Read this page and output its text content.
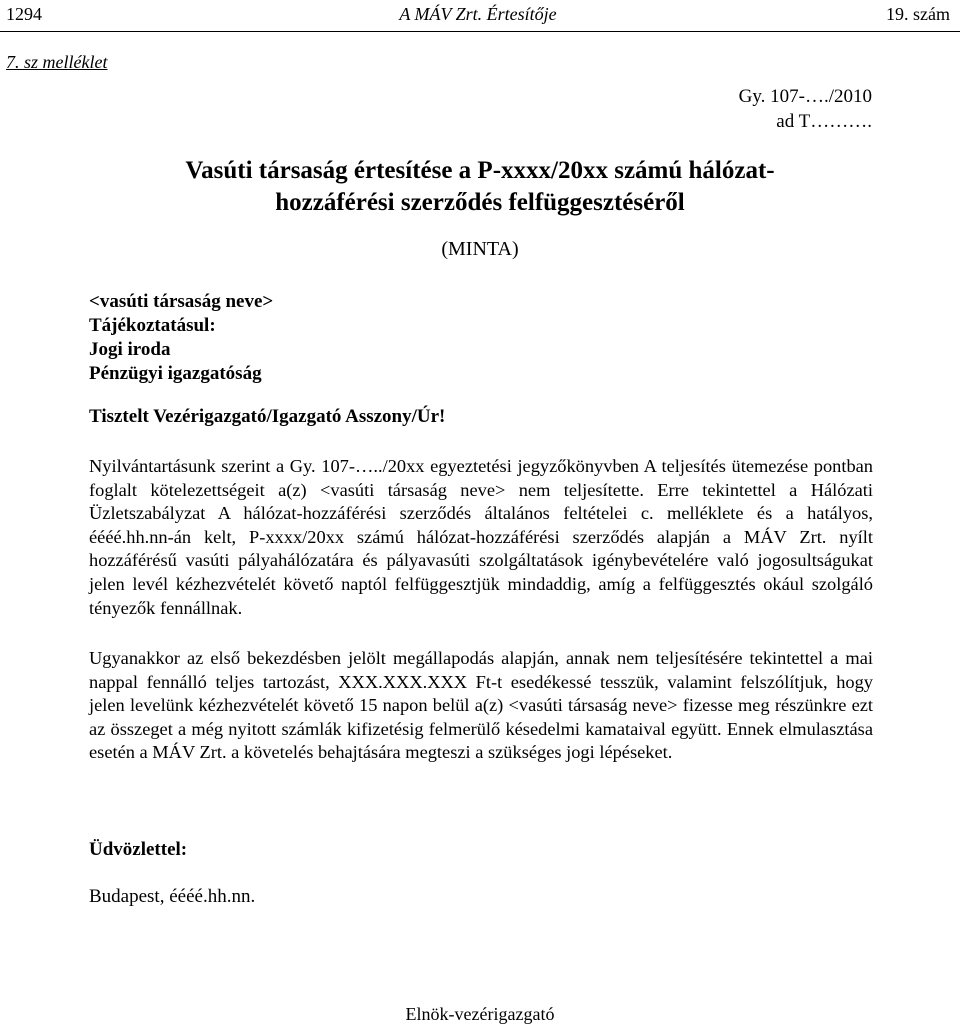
1294	A MÁV Zrt. Értesítője	19. szám
7. sz melléklet
Gy. 107-…./2010
ad T……….
Vasúti társaság értesítése a P-xxxx/20xx számú hálózat-
hozzáférési szerződés felfüggesztéséről
(MINTA)
<vasúti társaság neve>
Tájékoztatásul:
Jogi iroda
Pénzügyi igazgatóság
Tisztelt Vezérigazgató/Igazgató Asszony/Úr!
Nyilvántartásunk szerint a Gy. 107-…../20xx egyeztetési jegyzőkönyvben A teljesítés ütemezése pontban foglalt kötelezettségeit a(z) <vasúti társaság neve> nem teljesítette. Erre tekintettel a Hálózati Üzletszabályzat A hálózat-hozzáférési szerződés általános feltételei c. melléklete és a hatályos, éééé.hh.nn-án kelt, P-xxxx/20xx számú hálózat-hozzáférési szerződés alapján a MÁV Zrt. nyílt hozzáférésű vasúti pályahálózatára és pályavasúti szolgáltatások igénybevételére való jogosultságukat jelen levél kézhezvételét követő naptól felfüggesztjük mindaddig, amíg a felfüggesztés okául szolgáló tényezők fennállnak.
Ugyanakkor az első bekezdésben jelölt megállapodás alapján, annak nem teljesítésére tekintettel a mai nappal fennálló teljes tartozást, XXX.XXX.XXX Ft-t esedékessé tesszük, valamint felszólítjuk, hogy jelen levelünk kézhezvételét követő 15 napon belül a(z) <vasúti társaság neve> fizesse meg részünkre ezt az összeget a még nyitott számlák kifizetésig felmerülő késedelmi kamataival együtt. Ennek elmulasztása esetén a MÁV Zrt. a követelés behajtására megteszi a szükséges jogi lépéseket.
Üdvözlettel:
Budapest, éééé.hh.nn.
Elnök-vezérigazgató
